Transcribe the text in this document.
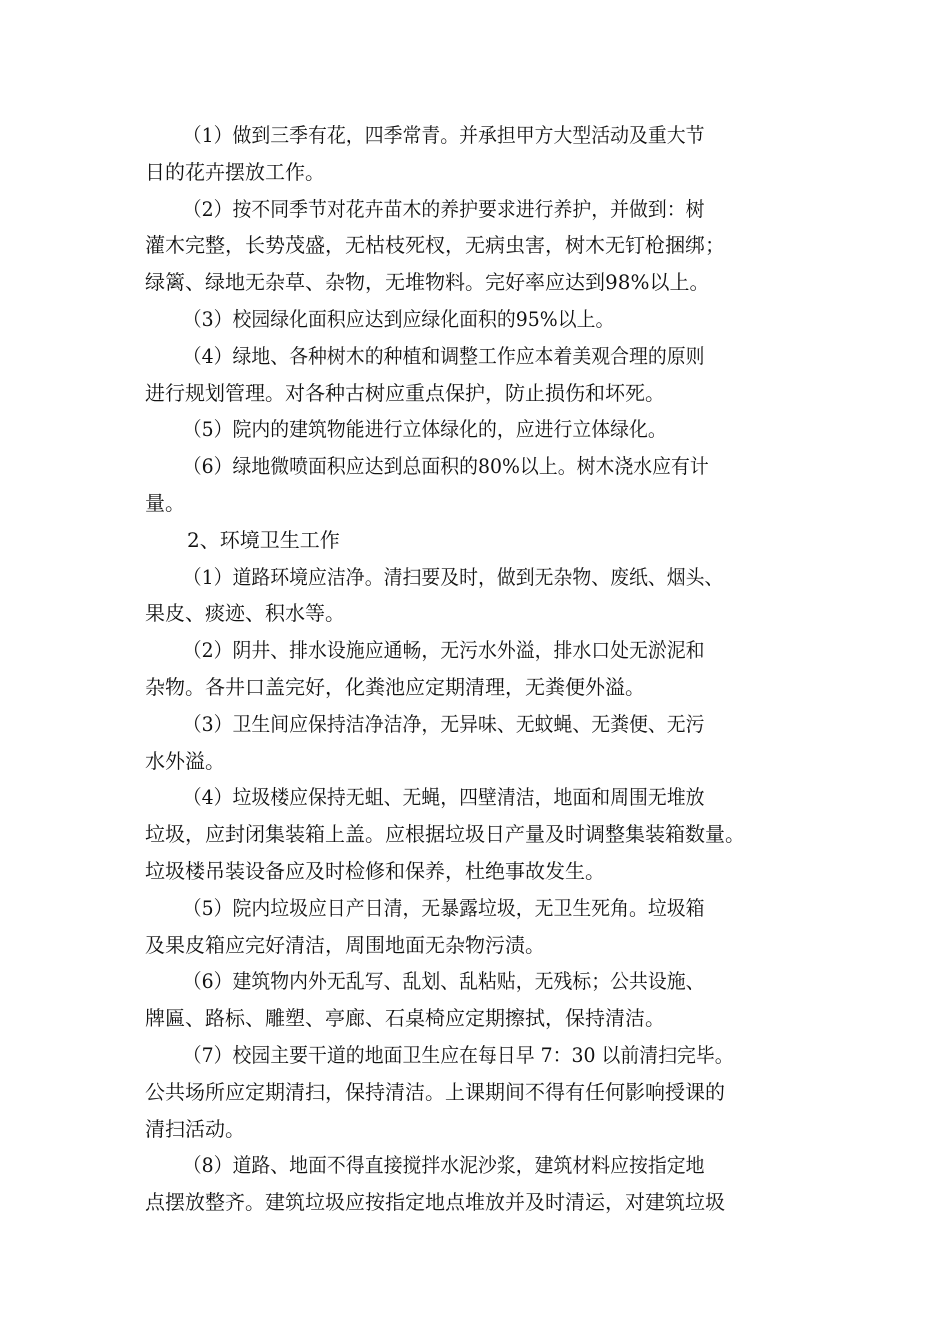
（1）做到三季有花，四季常青。并承担甲方大型活动及重大节
日的花卉摆放工作。

（2）按不同季节对花卉苗木的养护要求进行养护，并做到：树
灌木完整，长势茂盛，无枯枝死杈，无病虫害，树木无钉枪捆绑；
绿篱、绿地无杂草、杂物，无堆物料。完好率应达到98%以上。

（3）校园绿化面积应达到应绿化面积的95%以上。

（4）绿地、各种树木的种植和调整工作应本着美观合理的原则
进行规划管理。对各种古树应重点保护，防止损伤和坏死。

（5）院内的建筑物能进行立体绿化的，应进行立体绿化。

（6）绿地微喷面积应达到总面积的80%以上。树木浇水应有计
量。

2、环境卫生工作

（1）道路环境应洁净。清扫要及时，做到无杂物、废纸、烟头、
果皮、痰迹、积水等。

（2）阴井、排水设施应通畅，无污水外溢，排水口处无淤泥和
杂物。各井口盖完好，化粪池应定期清理，无粪便外溢。

（3）卫生间应保持洁净洁净，无异味、无蚊蝇、无粪便、无污
水外溢。

（4）垃圾楼应保持无蛆、无蝇，四壁清洁，地面和周围无堆放
垃圾，应封闭集装箱上盖。应根据垃圾日产量及时调整集装箱数量。
垃圾楼吊装设备应及时检修和保养，杜绝事故发生。

（5）院内垃圾应日产日清，无暴露垃圾，无卫生死角。垃圾箱
及果皮箱应完好清洁，周围地面无杂物污渍。

（6）建筑物内外无乱写、乱划、乱粘贴，无残标；公共设施、
牌匾、路标、雕塑、亭廊、石桌椅应定期擦拭，保持清洁。

（7）校园主要干道的地面卫生应在每日早 7：30 以前清扫完毕。
公共场所应定期清扫，保持清洁。上课期间不得有任何影响授课的
清扫活动。

（8）道路、地面不得直接搅拌水泥沙浆，建筑材料应按指定地
点摆放整齐。建筑垃圾应按指定地点堆放并及时清运，对建筑垃圾
